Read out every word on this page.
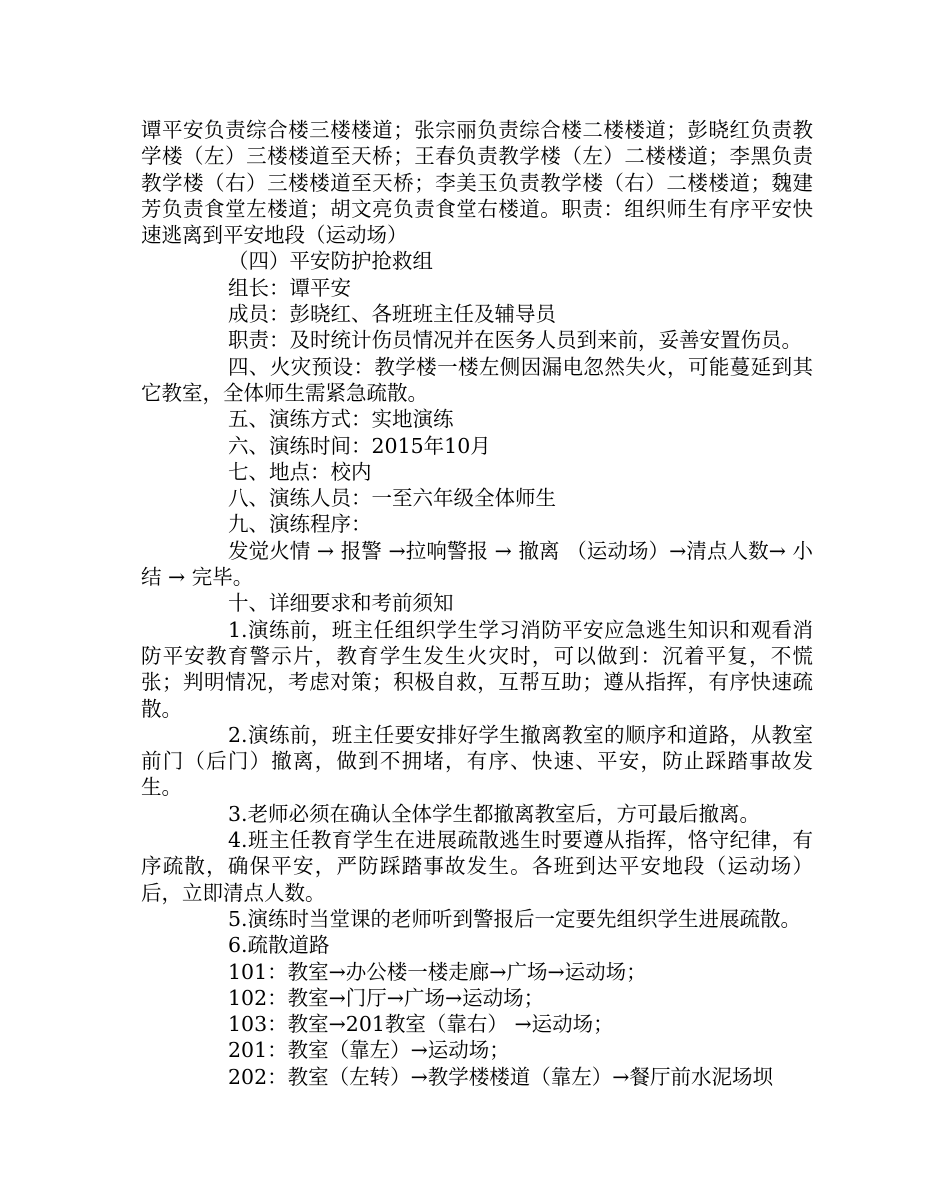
谭平安负责综合楼三楼楼道；张宗丽负责综合楼二楼楼道；彭晓红负责教学楼（左）三楼楼道至天桥；王春负责教学楼（左）二楼楼道；李黑负责教学楼（右）三楼楼道至天桥；李美玉负责教学楼（右）二楼楼道；魏建芳负责食堂左楼道；胡文亮负责食堂右楼道。职责：组织师生有序平安快速逃离到平安地段（运动场）

（四）平安防护抢救组

组长：谭平安

成员：彭晓红、各班班主任及辅导员

职责：及时统计伤员情况并在医务人员到来前，妥善安置伤员。

四、火灾预设：教学楼一楼左侧因漏电忽然失火，可能蔓延到其它教室，全体师生需紧急疏散。

五、演练方式：实地演练

六、演练时间：2015年10月

七、地点：校内

八、演练人员：一至六年级全体师生

九、演练程序：

发觉火情 → 报警 →拉响警报 → 撤离 （运动场）→清点人数→ 小结 → 完毕。

十、详细要求和考前须知

1.演练前，班主任组织学生学习消防平安应急逃生知识和观看消防平安教育警示片，教育学生发生火灾时，可以做到：沉着平复，不慌张；判明情况，考虑对策；积极自救，互帮互助；遵从指挥，有序快速疏散。

2.演练前，班主任要安排好学生撤离教室的顺序和道路，从教室前门（后门）撤离，做到不拥堵，有序、快速、平安，防止踩踏事故发生。

3.老师必须在确认全体学生都撤离教室后，方可最后撤离。

4.班主任教育学生在进展疏散逃生时要遵从指挥，恪守纪律，有序疏散，确保平安，严防踩踏事故发生。各班到达平安地段（运动场）后，立即清点人数。

5.演练时当堂课的老师听到警报后一定要先组织学生进展疏散。

6.疏散道路

101：教室→办公楼一楼走廊→广场→运动场；

102：教室→门厅→广场→运动场；

103：教室→201教室（靠右） →运动场；

201：教室（靠左）→运动场；

202：教室（左转）→教学楼楼道（靠左）→餐厅前水泥场坝
